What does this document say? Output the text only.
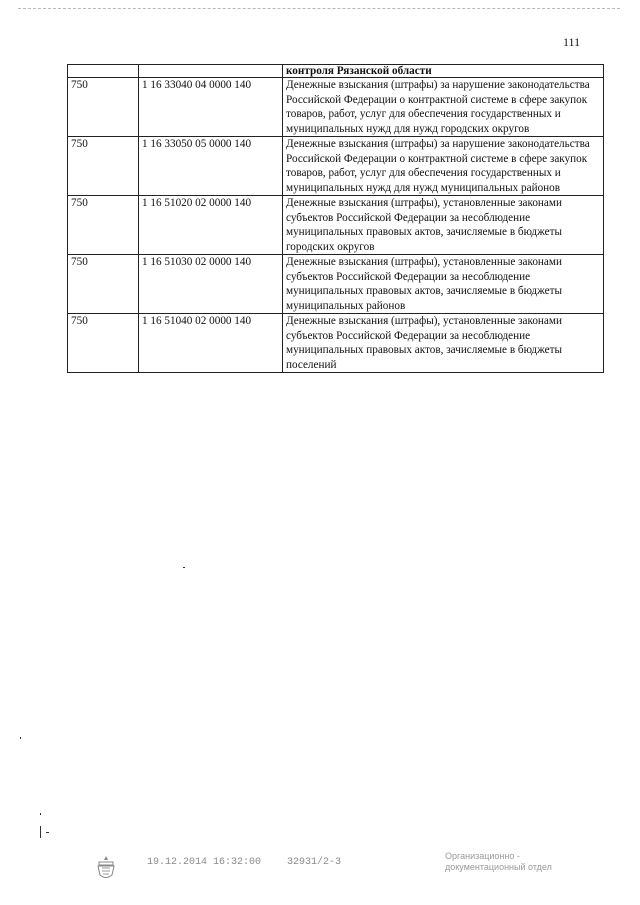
111
		контроля Рязанской области
750	1 16 33040 04 0000 140	Денежные взыскания (штрафы) за нарушение законодательства Российской Федерации о контрактной системе в сфере закупок товаров, работ, услуг для обеспечения государственных и муниципальных нужд для нужд городских округов
750	1 16 33050 05 0000 140	Денежные взыскания (штрафы) за нарушение законодательства Российской Федерации о контрактной системе в сфере закупок товаров, работ, услуг для обеспечения государственных и муниципальных нужд для нужд муниципальных районов
750	1 16 51020 02 0000 140	Денежные взыскания (штрафы), установленные законами субъектов Российской Федерации за несоблюдение муниципальных правовых актов, зачисляемые в бюджеты городских округов
750	1 16 51030 02 0000 140	Денежные взыскания (штрафы), установленные законами субъектов Российской Федерации за несоблюдение муниципальных правовых актов, зачисляемые в бюджеты муниципальных районов
750	1 16 51040 02 0000 140	Денежные взыскания (штрафы), установленные законами субъектов Российской Федерации за несоблюдение муниципальных правовых актов, зачисляемые в бюджеты поселений
19.12.2014 16:32:00	32931/2-3
Организационно -
документационный отдел
